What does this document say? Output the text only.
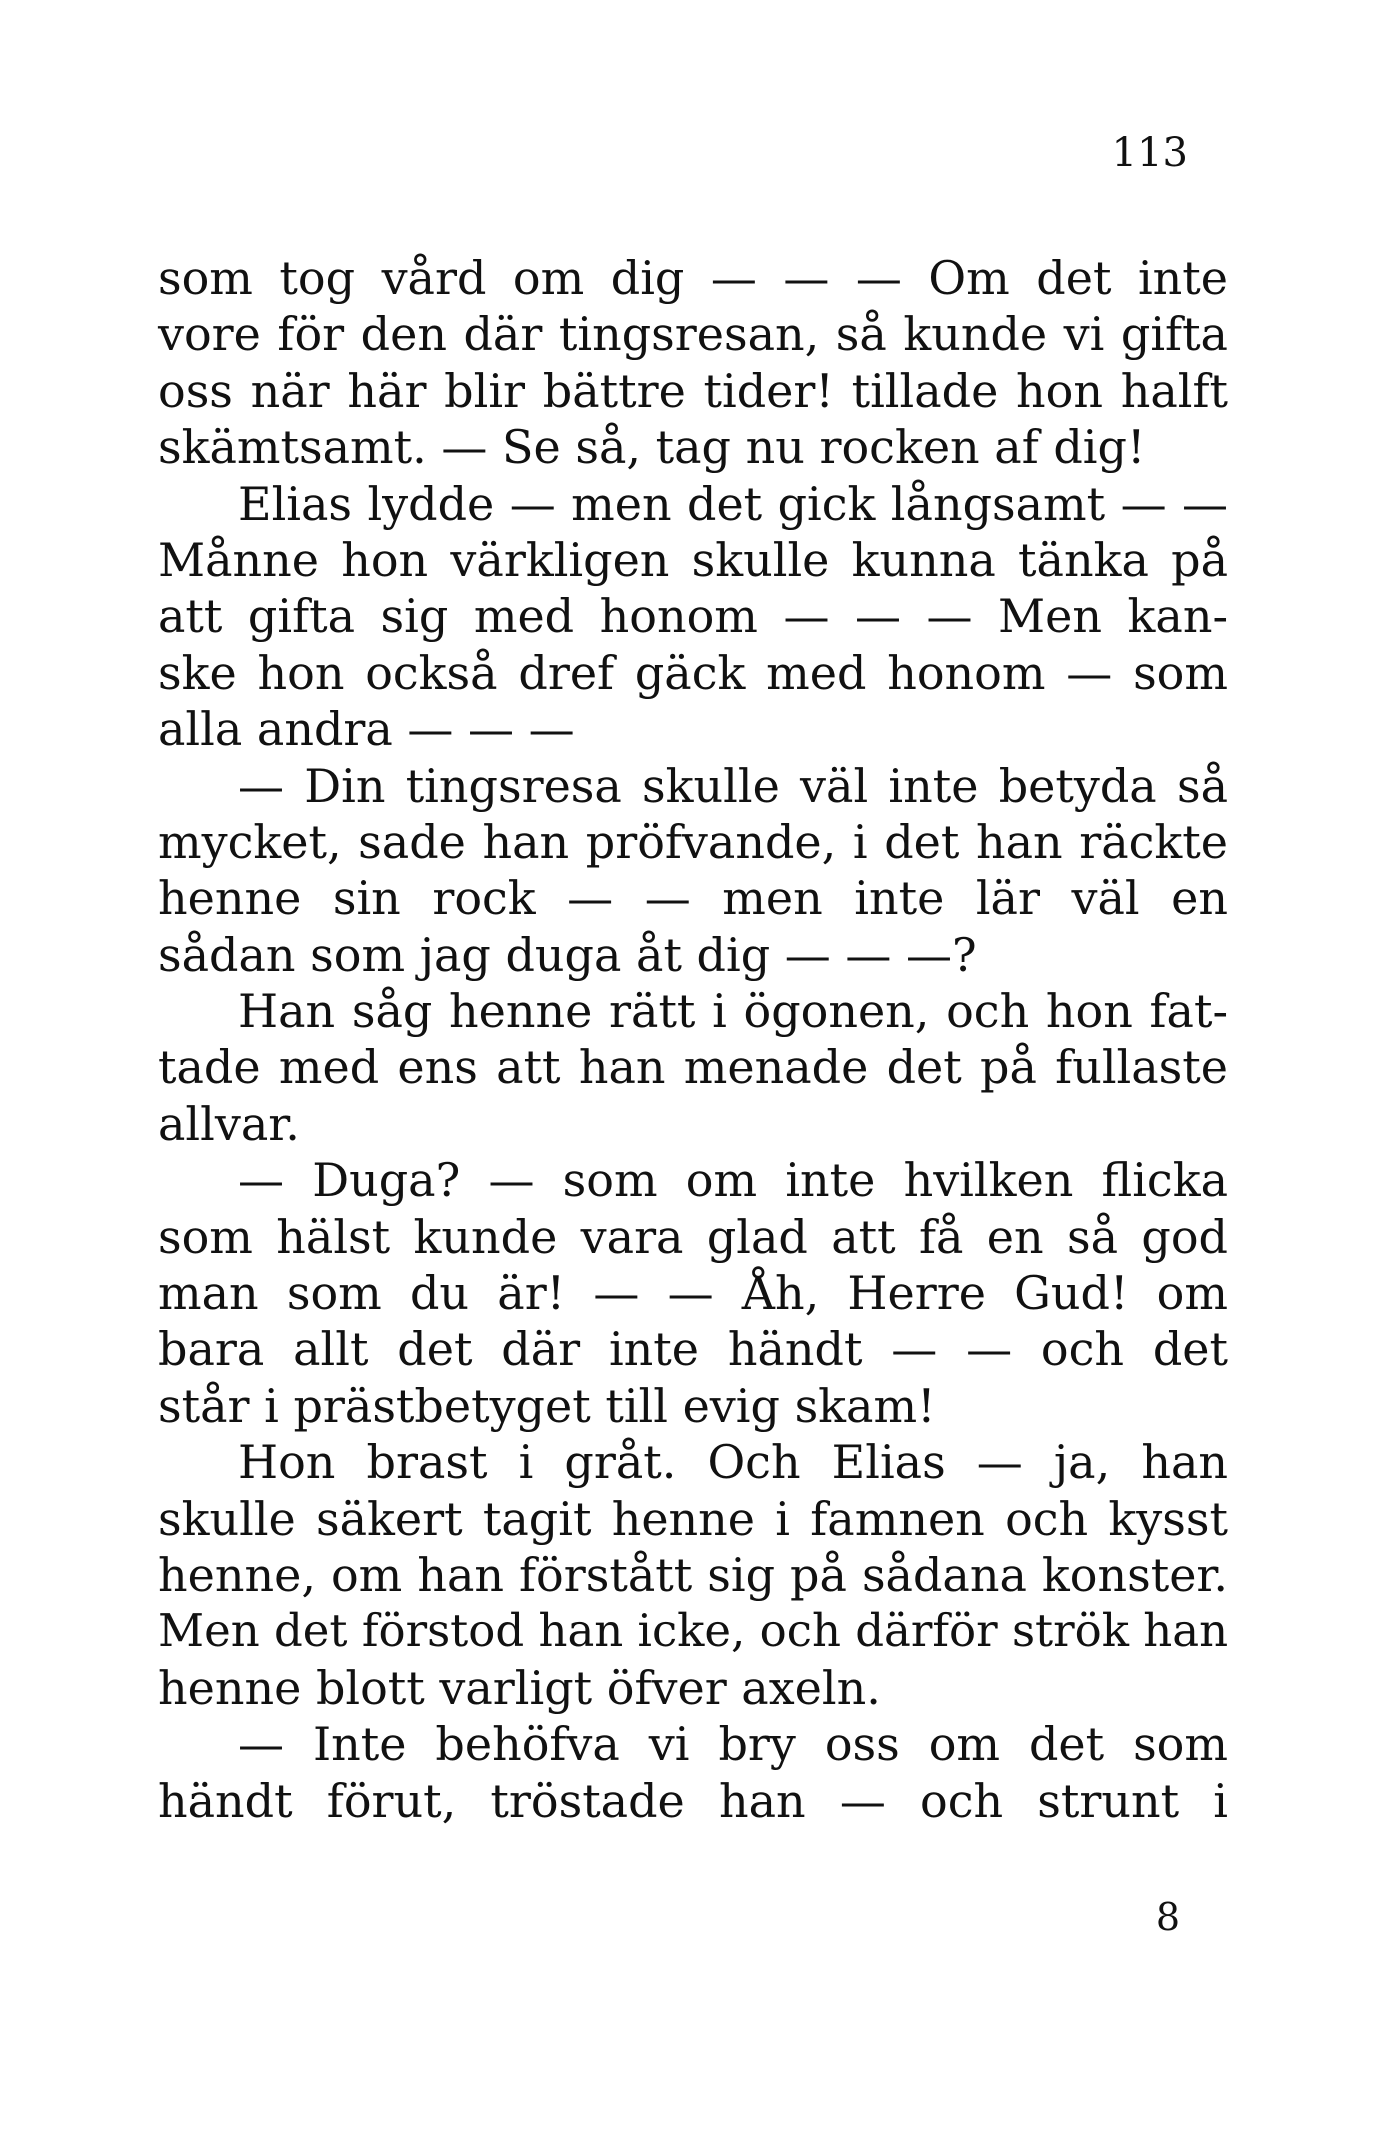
113
som tog vård om dig — — — Om det inte
vore för den där tingsresan, så kunde vi gifta
oss när här blir bättre tider! tillade hon halft
skämtsamt. — Se så, tag nu rocken af dig!
Elias lydde — men det gick långsamt — —
Månne hon värkligen skulle kunna tänka på
att gifta sig med honom — — — Men kan-
ske hon också dref gäck med honom — som
alla andra — — —
— Din tingsresa skulle väl inte betyda så
mycket, sade han pröfvande, i det han räckte
henne sin rock — — men inte lär väl en
sådan som jag duga åt dig — — —?
Han såg henne rätt i ögonen, och hon fat-
tade med ens att han menade det på fullaste
allvar.
— Duga? — som om inte hvilken flicka
som hälst kunde vara glad att få en så god
man som du är! — — Åh, Herre Gud! om
bara allt det där inte händt — — och det
står i prästbetyget till evig skam!
Hon brast i gråt. Och Elias — ja, han
skulle säkert tagit henne i famnen och kysst
henne, om han förstått sig på sådana konster.
Men det förstod han icke, och därför strök han
henne blott varligt öfver axeln.
— Inte behöfva vi bry oss om det som
händt förut, tröstade han — och strunt i
8
